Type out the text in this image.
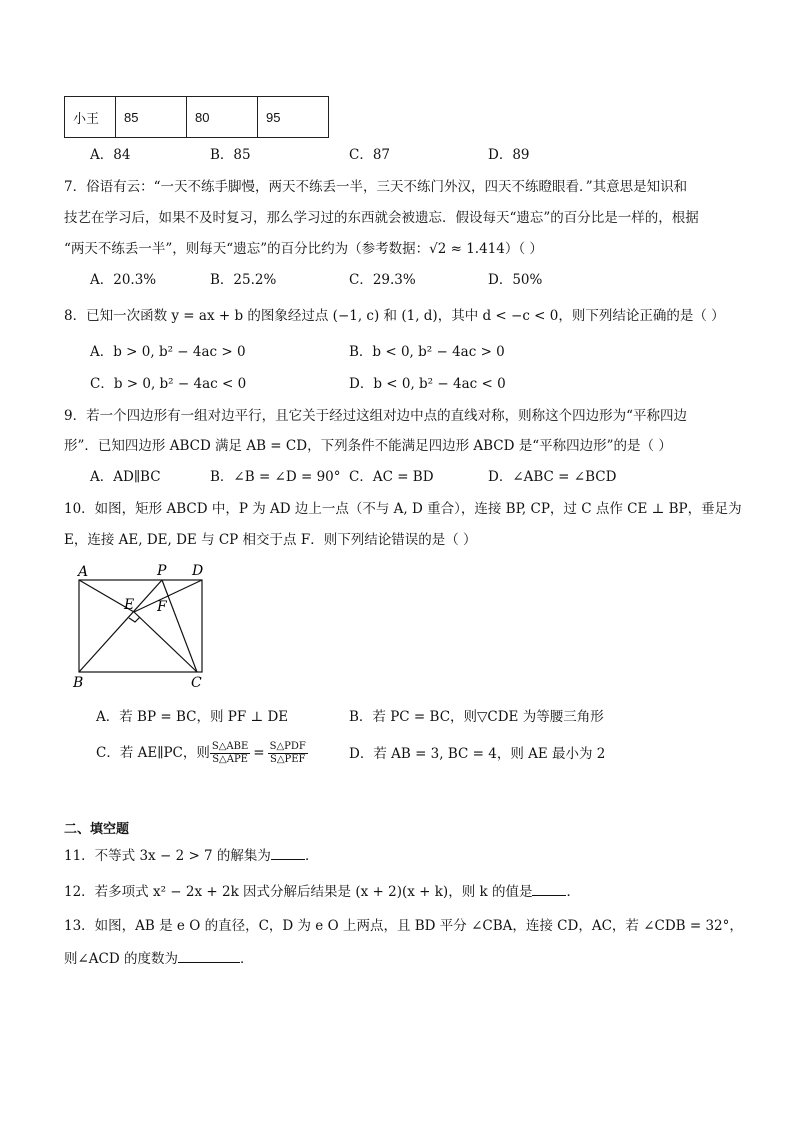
小王	85	80	95
A．84	B．85	C．87	D．89
7．俗语有云：“一天不练手脚慢，两天不练丢一半，三天不练门外汉，四天不练瞪眼看．”其意思是知识和
技艺在学习后，如果不及时复习，那么学习过的东西就会被遗忘．假设每天“遗忘”的百分比是一样的，根据
“两天不练丢一半”，则每天“遗忘”的百分比约为（参考数据：√2 ≈ 1.414）（ ）
A．20.3%	B．25.2%	C．29.3%	D．50%
8．已知一次函数 y = ax + b 的图象经过点 (−1, c) 和 (1, d)，其中 d < −c < 0，则下列结论正确的是（ ）
A．b > 0, b² − 4ac > 0	B．b < 0, b² − 4ac > 0
C．b > 0, b² − 4ac < 0	D．b < 0, b² − 4ac < 0
9．若一个四边形有一组对边平行，且它关于经过这组对边中点的直线对称，则称这个四边形为“平称四边
形”．已知四边形 ABCD 满足 AB = CD，下列条件不能满足四边形 ABCD 是“平称四边形”的是（ ）
A．AD∥BC	B．∠B = ∠D = 90° C．AC = BD	D．∠ABC = ∠BCD
10．如图，矩形 ABCD 中，P 为 AD 边上一点（不与 A, D 重合），连接 BP, CP，过 C 点作 CE ⊥ BP，垂足为
E，连接 AE, DE, DE 与 CP 相交于点 F．则下列结论错误的是（ ）
A	P D
E F
B	C
A．若 BP = BC，则 PF ⊥ DE	B．若 PC = BC，则▽CDE 为等腰三角形
C．若 AE∥PC，则 $\frac{\text{S△ABE}}{\text{S△APE}} = \frac{\text{S△PDF}}{\text{S△PEF}}$	D．若 AB = 3, BC = 4，则 AE 最小为 2
二、填空题
11．不等式 3x − 2 > 7 的解集为	．
12．若多项式 x² − 2x + 2k 因式分解后结果是 (x + 2)(x + k)，则 k 的值是	．
13．如图，AB 是 e O 的直径，C，D 为 e O 上两点，且 BD 平分 ∠CBA，连接 CD，AC，若 ∠CDB = 32°，
则∠ACD 的度数为	．
